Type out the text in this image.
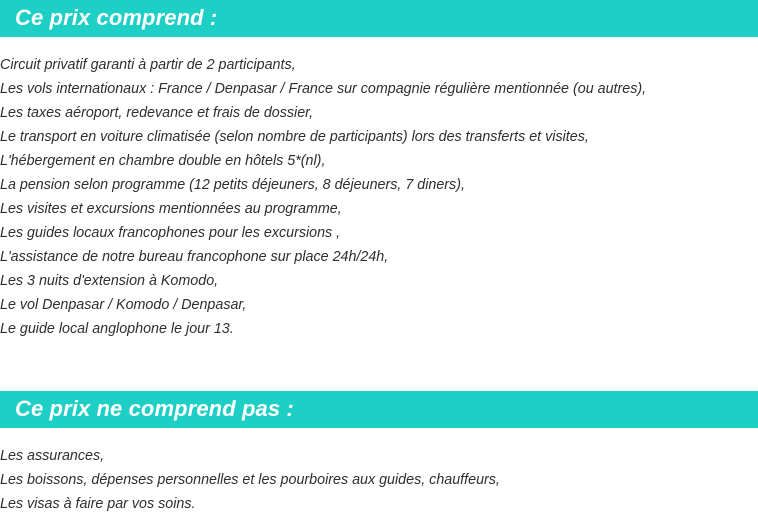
Ce prix comprend :
Circuit privatif garanti à partir de 2 participants,
Les vols internationaux : France / Denpasar / France sur compagnie régulière mentionnée (ou autres),
Les taxes aéroport, redevance et frais de dossier,
Le transport en voiture climatisée (selon nombre de participants) lors des transferts et visites,
L'hébergement en chambre double en hôtels 5*(nl),
La pension selon programme (12 petits déjeuners, 8 déjeuners, 7 diners),
Les visites et excursions mentionnées au programme,
Les guides locaux francophones pour les excursions ,
L'assistance de notre bureau francophone sur place 24h/24h,
Les 3 nuits d'extension à Komodo,
Le vol Denpasar / Komodo / Denpasar,
Le guide local anglophone le jour 13.
Ce prix ne comprend pas :
Les assurances,
Les boissons, dépenses personnelles et les pourboires aux guides, chauffeurs,
Les visas à faire par vos soins.
